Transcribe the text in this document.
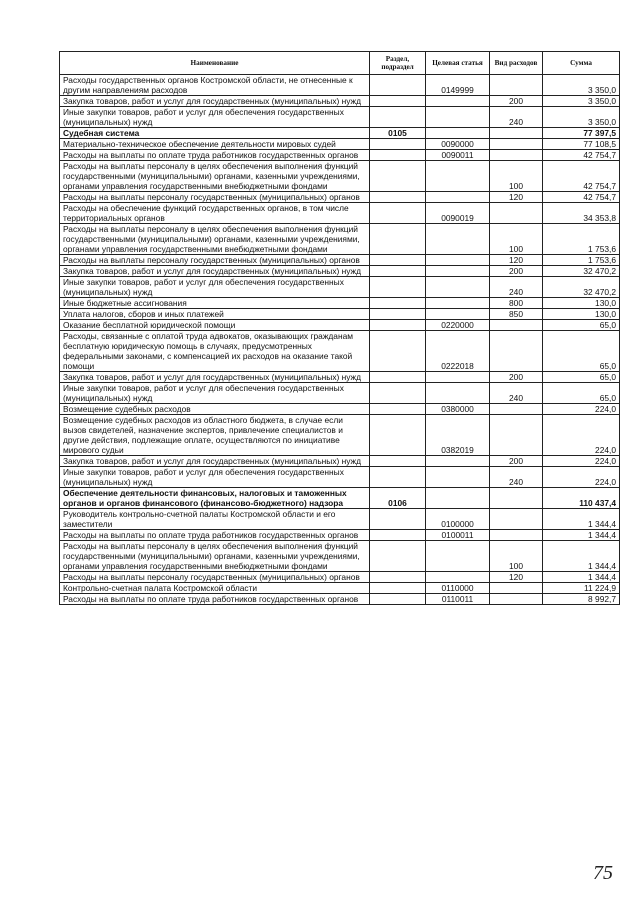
Наименование	Раздел, подраздел	Целевая статья	Вид расходов	Сумма
Расходы государственных органов Костромской области, не отнесенные к другим направлениям расходов		0149999		3 350,0
Закупка товаров, работ и услуг для государственных (муниципальных) нужд			200	3 350,0
Иные закупки товаров, работ и услуг для обеспечения государственных (муниципальных) нужд			240	3 350,0
Судебная система	0105			77 397,5
Материально-техническое обеспечение деятельности мировых судей		0090000		77 108,5
Расходы на выплаты по оплате труда работников государственных органов		0090011		42 754,7
Расходы на выплаты персоналу в целях обеспечения выполнения функций государственными (муниципальными) органами, казенными учреждениями, органами управления государственными внебюджетными фондами			100	42 754,7
Расходы на выплаты персоналу государственных (муниципальных) органов			120	42 754,7
Расходы на обеспечение функций государственных органов, в том числе территориальных органов		0090019		34 353,8
Расходы на выплаты персоналу в целях обеспечения выполнения функций государственными (муниципальными) органами, казенными учреждениями, органами управления государственными внебюджетными фондами			100	1 753,6
Расходы на выплаты персоналу государственных (муниципальных) органов			120	1 753,6
Закупка товаров, работ и услуг для государственных (муниципальных) нужд			200	32 470,2
Иные закупки товаров, работ и услуг для обеспечения государственных (муниципальных) нужд			240	32 470,2
Иные бюджетные ассигнования			800	130,0
Уплата налогов, сборов и иных платежей			850	130,0
Оказание бесплатной юридической помощи		0220000		65,0
Расходы, связанные с оплатой труда адвокатов, оказывающих гражданам бесплатную юридическую помощь в случаях, предусмотренных федеральными законами, с компенсацией их расходов на оказание такой помощи		0222018		65,0
Закупка товаров, работ и услуг для государственных (муниципальных) нужд			200	65,0
Иные закупки товаров, работ и услуг для обеспечения государственных (муниципальных) нужд			240	65,0
Возмещение судебных расходов		0380000		224,0
Возмещение судебных расходов из областного бюджета, в случае если вызов свидетелей, назначение экспертов, привлечение специалистов и другие действия, подлежащие оплате, осуществляются по инициативе мирового судьи		0382019		224,0
Закупка товаров, работ и услуг для государственных (муниципальных) нужд			200	224,0
Иные закупки товаров, работ и услуг для обеспечения государственных (муниципальных) нужд			240	224,0
Обеспечение деятельности финансовых, налоговых и таможенных органов и органов финансового (финансово-бюджетного) надзора	0106			110 437,4
Руководитель контрольно-счетной палаты Костромской области и его заместители		0100000		1 344,4
Расходы на выплаты по оплате труда работников государственных органов		0100011		1 344,4
Расходы на выплаты персоналу в целях обеспечения выполнения функций государственными (муниципальными) органами, казенными учреждениями, органами управления государственными внебюджетными фондами			100	1 344,4
Расходы на выплаты персоналу государственных (муниципальных) органов			120	1 344,4
Контрольно-счетная палата Костромской области		0110000		11 224,9
Расходы на выплаты по оплате труда работников государственных органов		0110011		8 992,7
75
